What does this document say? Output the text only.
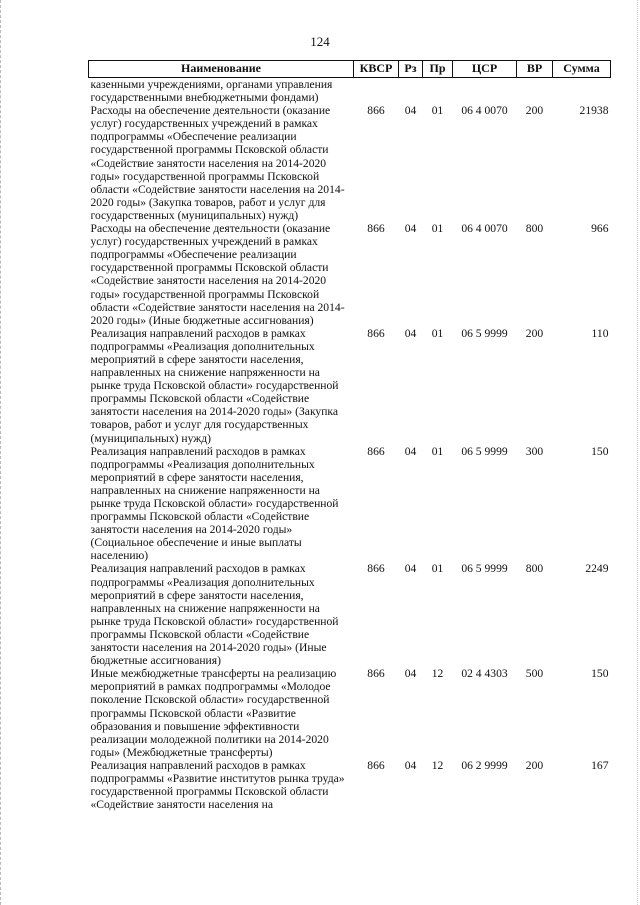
124
Наименование	КВСР	Рз	Пр	ЦСР	ВР	Сумма
казенными учреждениями, органами управления государственными внебюджетными фондами)						
Расходы на обеспечение деятельности (оказание услуг) государственных учреждений в рамках подпрограммы «Обеспечение реализации государственной программы Псковской области «Содействие занятости населения на 2014-2020 годы» государственной программы Псковской области «Содействие занятости населения на 2014-2020 годы» (Закупка товаров, работ и услуг для государственных (муниципальных) нужд)	866	04	01	06 4 0070	200	21938
Расходы на обеспечение деятельности (оказание услуг) государственных учреждений в рамках подпрограммы «Обеспечение реализации государственной программы Псковской области «Содействие занятости населения на 2014-2020 годы» государственной программы Псковской области «Содействие занятости населения на 2014-2020 годы» (Иные бюджетные ассигнования)	866	04	01	06 4 0070	800	966
Реализация направлений расходов в рамках подпрограммы «Реализация дополнительных мероприятий в сфере занятости населения, направленных на снижение напряженности на рынке труда Псковской области» государственной программы Псковской области «Содействие занятости населения на 2014-2020 годы» (Закупка товаров, работ и услуг для государственных (муниципальных) нужд)	866	04	01	06 5 9999	200	110
Реализация направлений расходов в рамках подпрограммы «Реализация дополнительных мероприятий в сфере занятости населения, направленных на снижение напряженности на рынке труда Псковской области» государственной программы Псковской области «Содействие занятости населения на 2014-2020 годы» (Социальное обеспечение и иные выплаты населению)	866	04	01	06 5 9999	300	150
Реализация направлений расходов в рамках подпрограммы «Реализация дополнительных мероприятий в сфере занятости населения, направленных на снижение напряженности на рынке труда Псковской области» государственной программы Псковской области «Содействие занятости населения на 2014-2020 годы» (Иные бюджетные ассигнования)	866	04	01	06 5 9999	800	2249
Иные межбюджетные трансферты на реализацию мероприятий в рамках подпрограммы «Молодое поколение Псковской области» государственной программы Псковской области «Развитие образования и повышение эффективности реализации молодежной политики на 2014-2020 годы» (Межбюджетные трансферты)	866	04	12	02 4 4303	500	150
Реализация направлений расходов в рамках подпрограммы «Развитие институтов рынка труда» государственной программы Псковской области «Содействие занятости населения на	866	04	12	06 2 9999	200	167
